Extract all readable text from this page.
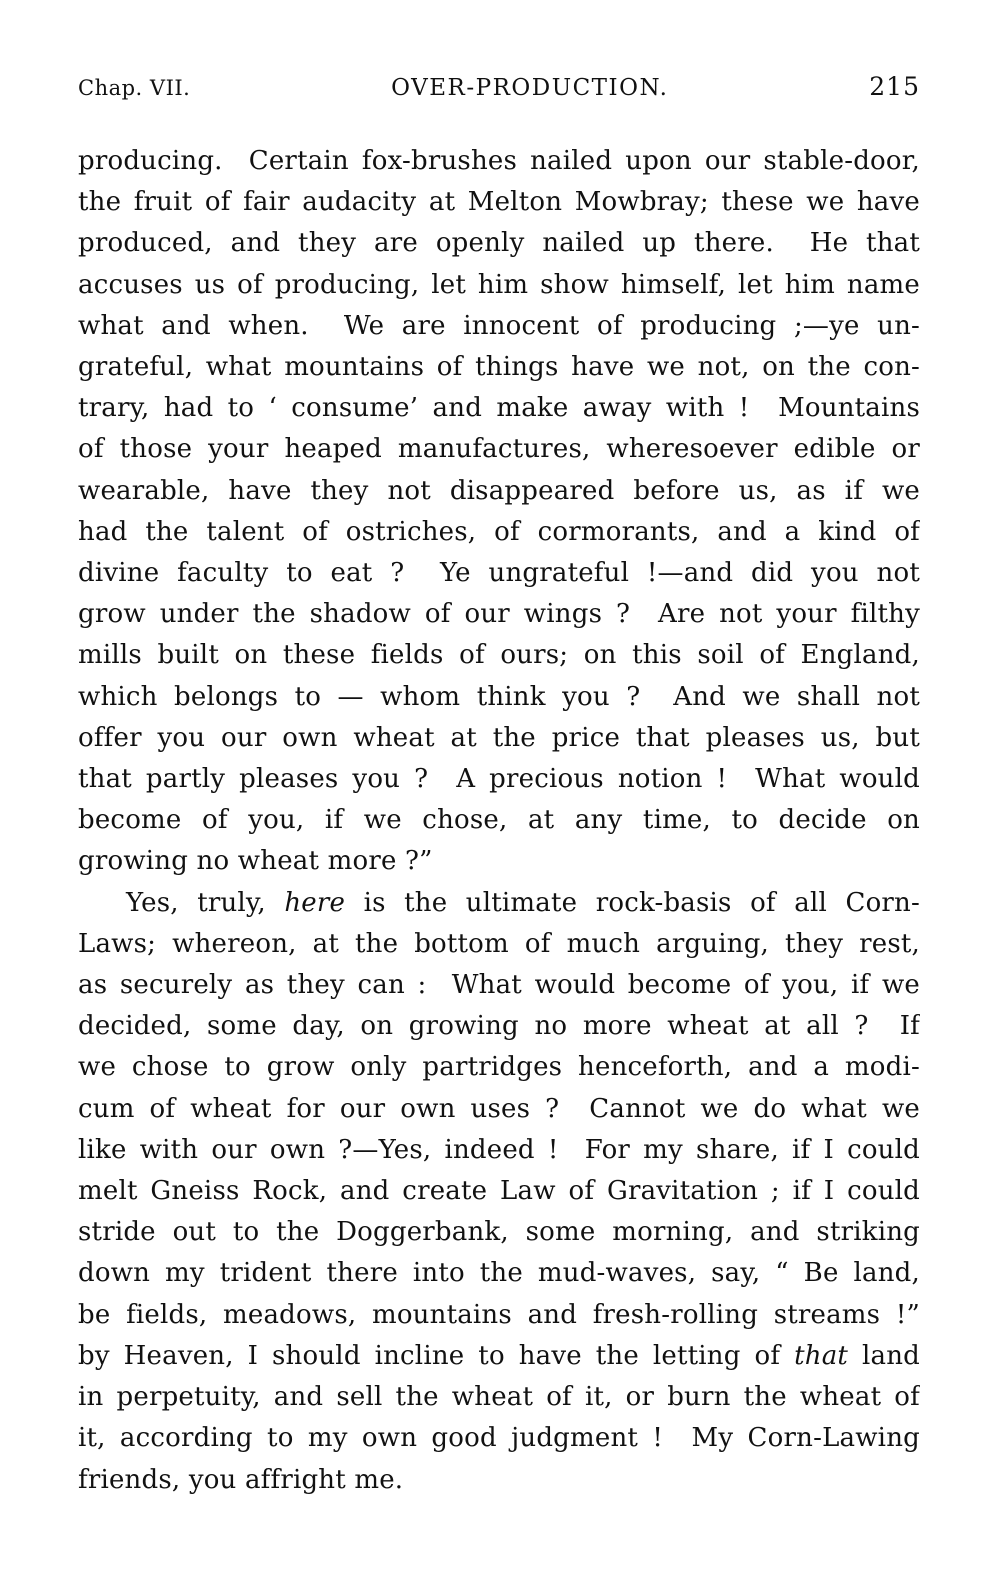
Chap. VII.	OVER-PRODUCTION.	215
producing.  Certain fox-brushes nailed upon our stable-door,
the fruit of fair audacity at Melton Mowbray; these we have
produced, and they are openly nailed up there.  He that
accuses us of producing, let him show himself, let him name
what and when.  We are innocent of producing ;—ye un-
grateful, what mountains of things have we not, on the con-
trary, had to ‘ consume’ and make away with !  Mountains
of those your heaped manufactures, wheresoever edible or
wearable, have they not disappeared before us, as if we
had the talent of ostriches, of cormorants, and a kind of
divine faculty to eat ?  Ye ungrateful !—and did you not
grow under the shadow of our wings ?  Are not your filthy
mills built on these fields of ours; on this soil of England,
which belongs to — whom think you ?  And we shall not
offer you our own wheat at the price that pleases us, but
that partly pleases you ?  A precious notion !  What would
become of you, if we chose, at any time, to decide on
growing no wheat more ?”
Yes, truly, here is the ultimate rock-basis of all Corn-
Laws; whereon, at the bottom of much arguing, they rest,
as securely as they can :  What would become of you, if we
decided, some day, on growing no more wheat at all ?  If
we chose to grow only partridges henceforth, and a modi-
cum of wheat for our own uses ?  Cannot we do what we
like with our own ?—Yes, indeed !  For my share, if I could
melt Gneiss Rock, and create Law of Gravitation ; if I could
stride out to the Doggerbank, some morning, and striking
down my trident there into the mud-waves, say, “ Be land,
be fields, meadows, mountains and fresh-rolling streams !”
by Heaven, I should incline to have the letting of that land
in perpetuity, and sell the wheat of it, or burn the wheat of
it, according to my own good judgment !  My Corn-Lawing
friends, you affright me.
